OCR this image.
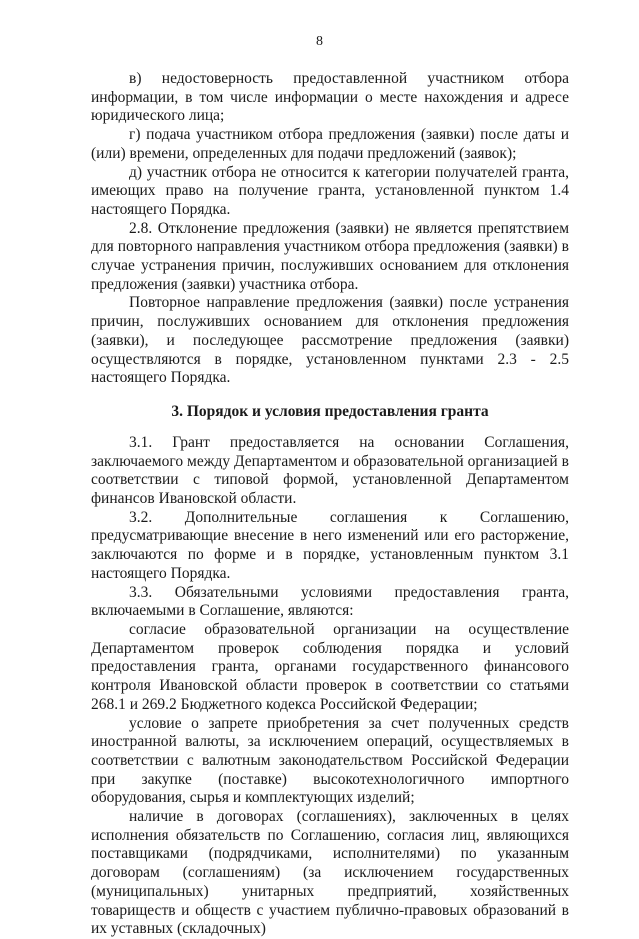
8

в) недостоверность предоставленной участником отбора информации, в том числе информации о месте нахождения и адресе юридического лица;

г) подача участником отбора предложения (заявки) после даты и (или) времени, определенных для подачи предложений (заявок);

д) участник отбора не относится к категории получателей гранта, имеющих право на получение гранта, установленной пунктом 1.4 настоящего Порядка.

2.8. Отклонение предложения (заявки) не является препятствием для повторного направления участником отбора предложения (заявки) в случае устранения причин, послуживших основанием для отклонения предложения (заявки) участника отбора.

Повторное направление предложения (заявки) после устранения причин, послуживших основанием для отклонения предложения (заявки), и последующее рассмотрение предложения (заявки) осуществляются в порядке, установленном пунктами 2.3 - 2.5 настоящего Порядка.

3. Порядок и условия предоставления гранта

3.1. Грант предоставляется на основании Соглашения, заключаемого между Департаментом и образовательной организацией в соответствии с типовой формой, установленной Департаментом финансов Ивановской области.

3.2. Дополнительные соглашения к Соглашению, предусматривающие внесение в него изменений или его расторжение, заключаются по форме и в порядке, установленным пунктом 3.1 настоящего Порядка.

3.3. Обязательными условиями предоставления гранта, включаемыми в Соглашение, являются:

согласие образовательной организации на осуществление Департаментом проверок соблюдения порядка и условий предоставления гранта, органами государственного финансового контроля Ивановской области проверок в соответствии со статьями 268.1 и 269.2 Бюджетного кодекса Российской Федерации;

условие о запрете приобретения за счет полученных средств иностранной валюты, за исключением операций, осуществляемых в соответствии с валютным законодательством Российской Федерации при закупке (поставке) высокотехнологичного импортного оборудования, сырья и комплектующих изделий;

наличие в договорах (соглашениях), заключенных в целях исполнения обязательств по Соглашению, согласия лиц, являющихся поставщиками (подрядчиками, исполнителями) по указанным договорам (соглашениям) (за исключением государственных (муниципальных) унитарных предприятий, хозяйственных товариществ и обществ с участием публично-правовых образований в их уставных (складочных)
